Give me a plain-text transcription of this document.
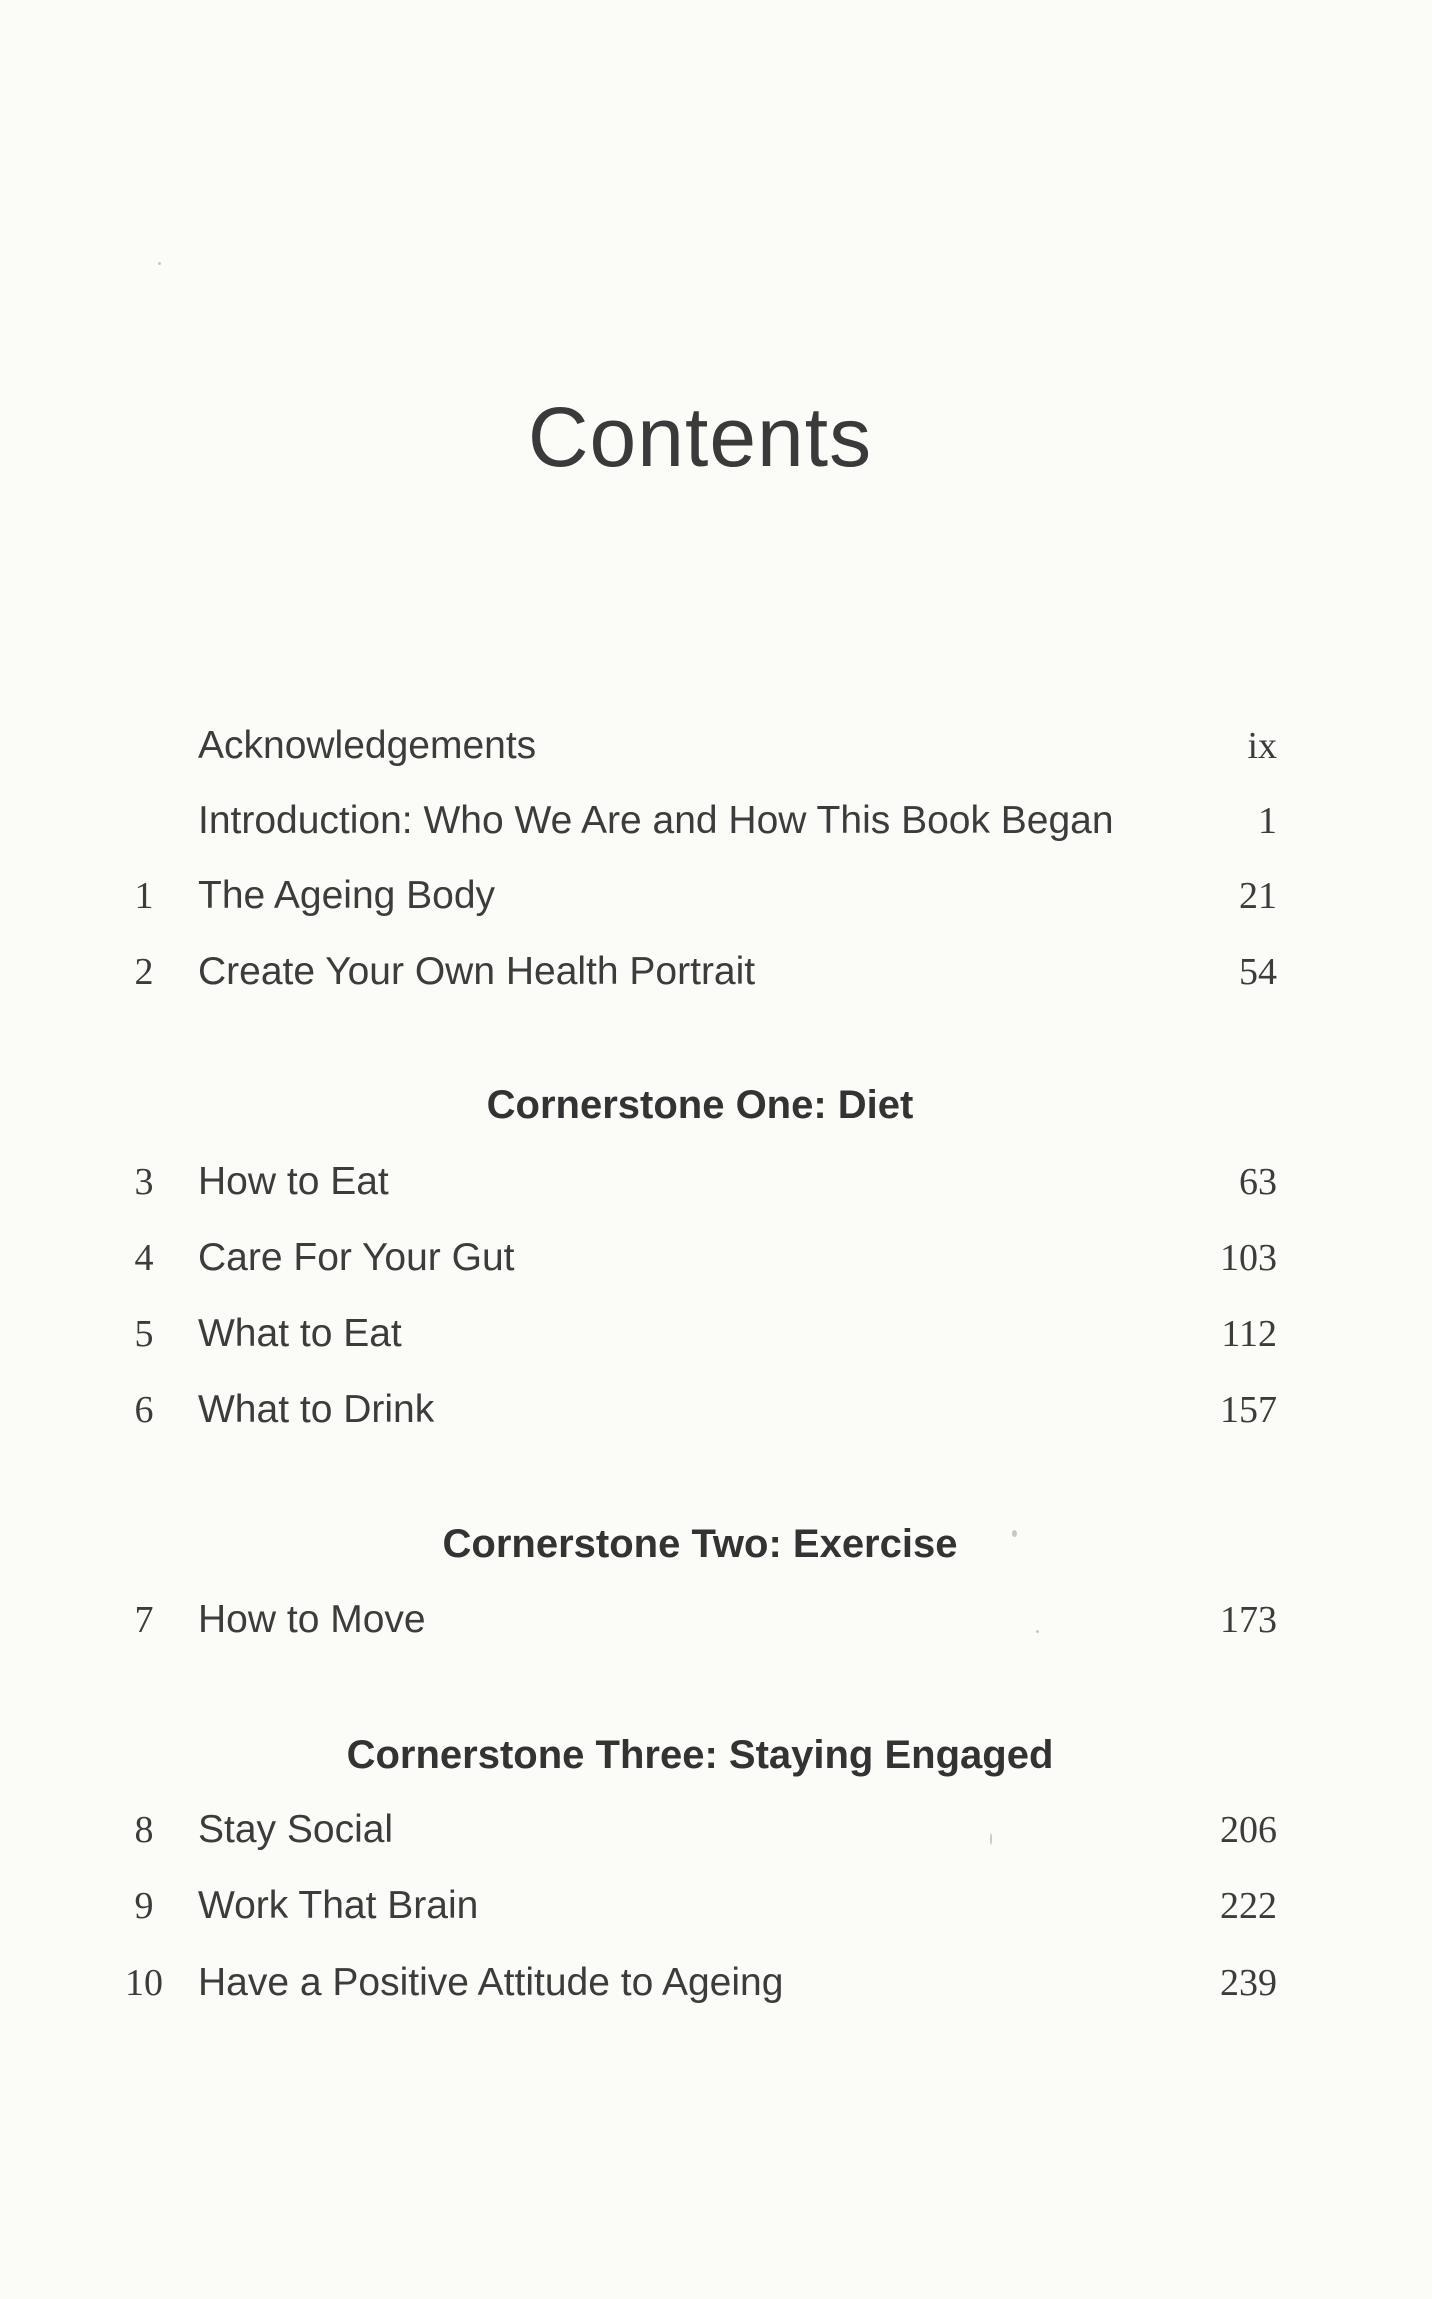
Contents
Acknowledgements	ix
Introduction: Who We Are and How This Book Began	1
1	The Ageing Body	21
2	Create Your Own Health Portrait	54
Cornerstone One: Diet
3	How to Eat	63
4	Care For Your Gut	103
5	What to Eat	112
6	What to Drink	157
Cornerstone Two: Exercise
7	How to Move	173
Cornerstone Three: Staying Engaged
8	Stay Social	206
9	Work That Brain	222
10 Have a Positive Attitude to Ageing	239
